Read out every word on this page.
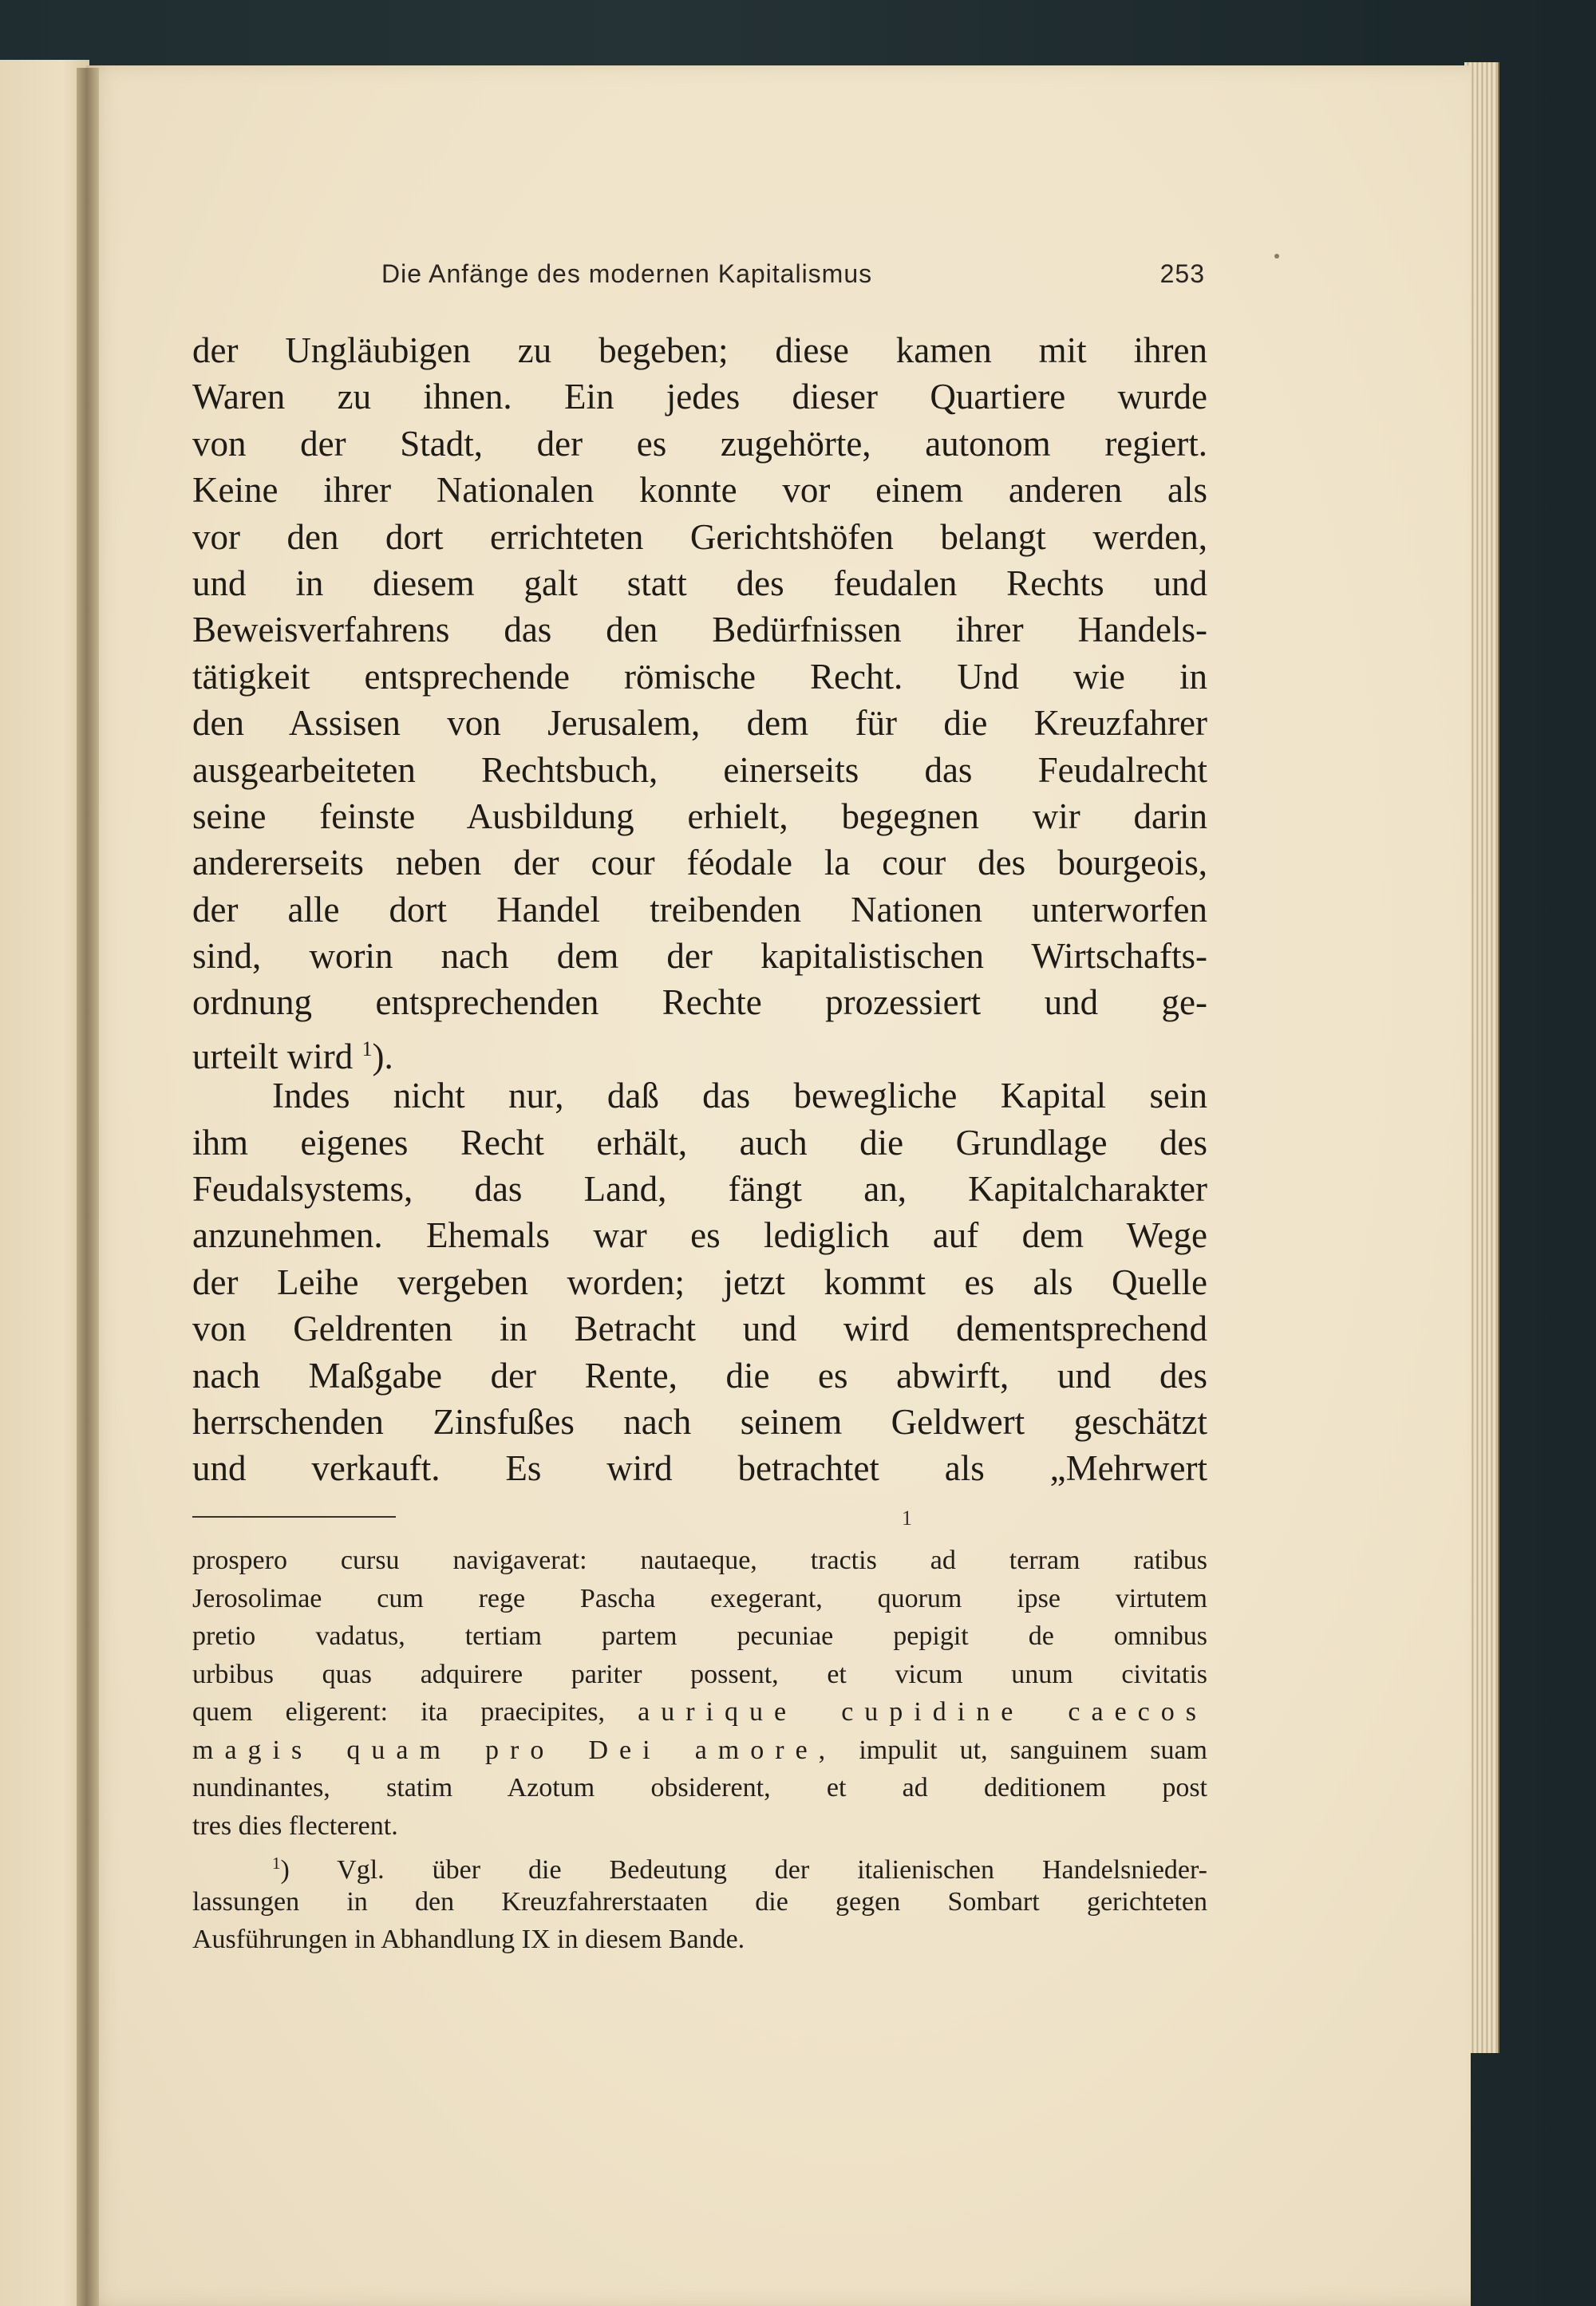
Die Anfänge des modernen Kapitalismus	253
der Ungläubigen zu begeben; diese kamen mit ihren
Waren zu ihnen. Ein jedes dieser Quartiere wurde
von der Stadt, der es zugehörte, autonom regiert.
Keine ihrer Nationalen konnte vor einem anderen als
vor den dort errichteten Gerichtshöfen belangt werden,
und in diesem galt statt des feudalen Rechts und
Beweisverfahrens das den Bedürfnissen ihrer Handels-
tätigkeit entsprechende römische Recht. Und wie in
den Assisen von Jerusalem, dem für die Kreuzfahrer
ausgearbeiteten Rechtsbuch, einerseits das Feudalrecht
seine feinste Ausbildung erhielt, begegnen wir darin
andererseits neben der cour féodale la cour des bourgeois,
der alle dort Handel treibenden Nationen unterworfen
sind, worin nach dem der kapitalistischen Wirtschafts-
ordnung entsprechenden Rechte prozessiert und ge-
urteilt wird $^1$).
Indes nicht nur, daß das bewegliche Kapital sein
ihm eigenes Recht erhält, auch die Grundlage des
Feudalsystems, das Land, fängt an, Kapitalcharakter
anzunehmen. Ehemals war es lediglich auf dem Wege
der Leihe vergeben worden; jetzt kommt es als Quelle
von Geldrenten in Betracht und wird dementsprechend
nach Maßgabe der Rente, die es abwirft, und des
herrschenden Zinsfußes nach seinem Geldwert geschätzt
und verkauft. Es wird betrachtet als „Mehrwert
1
prospero cursu navigaverat: nautaeque, tractis ad terram ratibus
Jerosolimae cum rege Pascha exegerant, quorum ipse virtutem
pretio vadatus, tertiam partem pecuniae pepigit de omnibus
urbibus quas adquirere pariter possent, et vicum unum civitatis
quem eligerent: ita praecipites, aurique cupidine caecos
magis quam pro Dei amore, impulit ut, sanguinem suam
nundinantes, statim Azotum obsiderent, et ad deditionem post
tres dies flecterent.
$^1$) Vgl. über die Bedeutung der italienischen Handelsnieder-
lassungen in den Kreuzfahrerstaaten die gegen Sombart gerichteten
Ausführungen in Abhandlung IX in diesem Bande.
